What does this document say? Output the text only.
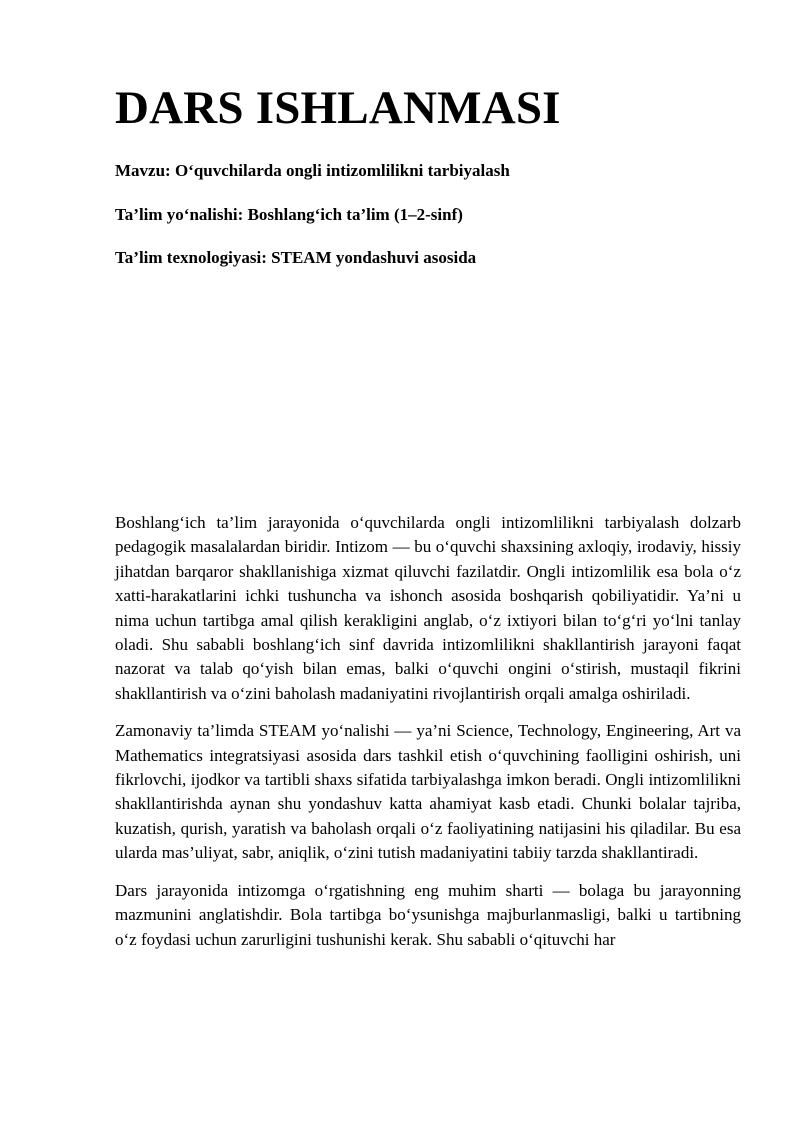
DARS ISHLANMASI

Mavzu: O‘quvchilarda ongli intizomlilikni tarbiyalash

Ta’lim yo‘nalishi: Boshlang‘ich ta’lim (1–2-sinf)

Ta’lim texnologiyasi: STEAM yondashuvi asosida

Boshlang‘ich ta’lim jarayonida o‘quvchilarda ongli intizomlilikni tarbiyalash dolzarb pedagogik masalalardan biridir. Intizom — bu o‘quvchi shaxsining axloqiy, irodaviy, hissiy jihatdan barqaror shakllanishiga xizmat qiluvchi fazilatdir. Ongli intizomlilik esa bola o‘z xatti-harakatlarini ichki tushuncha va ishonch asosida boshqarish qobiliyatidir. Ya’ni u nima uchun tartibga amal qilish kerakligini anglab, o‘z ixtiyori bilan to‘g‘ri yo‘lni tanlay oladi. Shu sababli boshlang‘ich sinf davrida intizomlilikni shakllantirish jarayoni faqat nazorat va talab qo‘yish bilan emas, balki o‘quvchi ongini o‘stirish, mustaqil fikrini shakllantirish va o‘zini baholash madaniyatini rivojlantirish orqali amalga oshiriladi.

Zamonaviy ta’limda STEAM yo‘nalishi — ya’ni Science, Technology, Engineering, Art va Mathematics integratsiyasi asosida dars tashkil etish o‘quvchining faolligini oshirish, uni fikrlovchi, ijodkor va tartibli shaxs sifatida tarbiyalashga imkon beradi. Ongli intizomlilikni shakllantirishda aynan shu yondashuv katta ahamiyat kasb etadi. Chunki bolalar tajriba, kuzatish, qurish, yaratish va baholash orqali o‘z faoliyatining natijasini his qiladilar. Bu esa ularda mas’uliyat, sabr, aniqlik, o‘zini tutish madaniyatini tabiiy tarzda shakllantiradi.

Dars jarayonida intizomga o‘rgatishning eng muhim sharti — bolaga bu jarayonning mazmunini anglatishdir. Bola tartibga bo‘ysunishga majburlanmasligi, balki u tartibning o‘z foydasi uchun zarurligini tushunishi kerak. Shu sababli o‘qituvchi har
